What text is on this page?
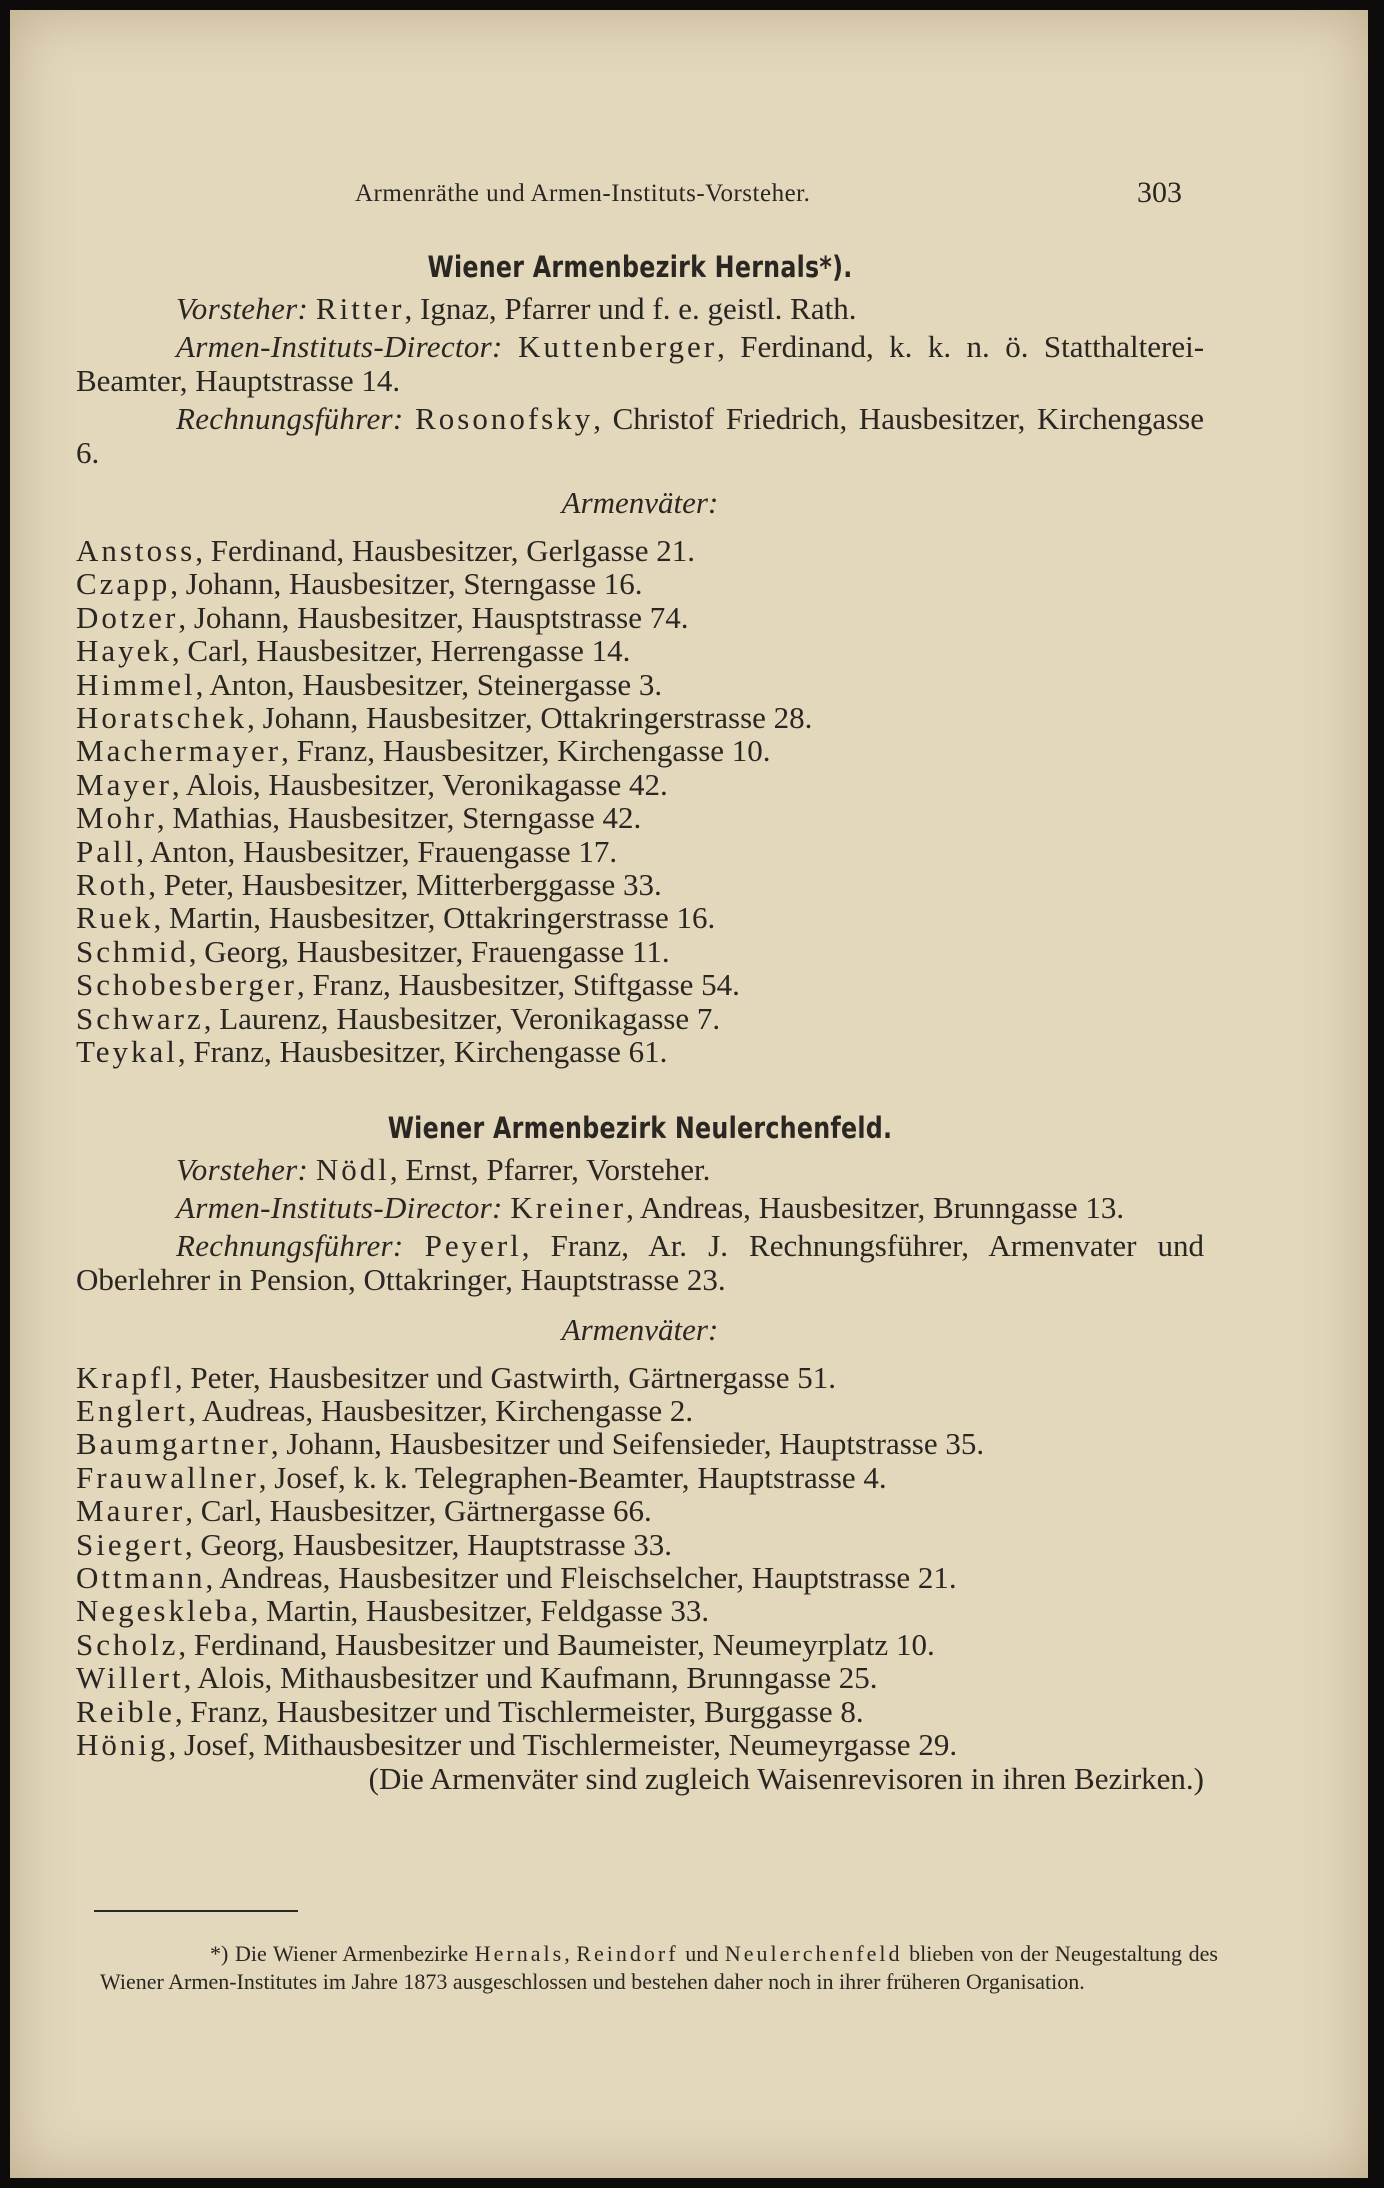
Armenräthe und Armen-Instituts-Vorsteher.	303
Wiener Armenbezirk Hernals*).

Vorsteher: Ritter, Ignaz, Pfarrer und f. e. geistl. Rath.

Armen-Instituts-Director: Kuttenberger, Ferdinand, k. k. n. ö. Statthalterei-Beamter, Hauptstrasse 14.

Rechnungsführer: Rosonofsky, Christof Friedrich, Hausbesitzer, Kirchengasse 6.

Armenväter:

Anstoss, Ferdinand, Hausbesitzer, Gerlgasse 21.

Czapp, Johann, Hausbesitzer, Sterngasse 16.

Dotzer, Johann, Hausbesitzer, Hausptstrasse 74.

Hayek, Carl, Hausbesitzer, Herrengasse 14.

Himmel, Anton, Hausbesitzer, Steinergasse 3.

Horatschek, Johann, Hausbesitzer, Ottakringerstrasse 28.

Machermayer, Franz, Hausbesitzer, Kirchengasse 10.

Mayer, Alois, Hausbesitzer, Veronikagasse 42.

Mohr, Mathias, Hausbesitzer, Sterngasse 42.

Pall, Anton, Hausbesitzer, Frauengasse 17.

Roth, Peter, Hausbesitzer, Mitterberggasse 33.

Ruek, Martin, Hausbesitzer, Ottakringerstrasse 16.

Schmid, Georg, Hausbesitzer, Frauengasse 11.

Schobesberger, Franz, Hausbesitzer, Stiftgasse 54.

Schwarz, Laurenz, Hausbesitzer, Veronikagasse 7.

Teykal, Franz, Hausbesitzer, Kirchengasse 61.

Wiener Armenbezirk Neulerchenfeld.

Vorsteher: Nödl, Ernst, Pfarrer, Vorsteher.

Armen-Instituts-Director: Kreiner, Andreas, Hausbesitzer, Brunngasse 13.

Rechnungsführer: Peyerl, Franz, Ar. J. Rechnungsführer, Armenvater und Oberlehrer in Pension, Ottakringer, Hauptstrasse 23.

Armenväter:

Krapfl, Peter, Hausbesitzer und Gastwirth, Gärtnergasse 51.

Englert, Audreas, Hausbesitzer, Kirchengasse 2.

Baumgartner, Johann, Hausbesitzer und Seifensieder, Hauptstrasse 35.

Frauwallner, Josef, k. k. Telegraphen-Beamter, Hauptstrasse 4.

Maurer, Carl, Hausbesitzer, Gärtnergasse 66.

Siegert, Georg, Hausbesitzer, Hauptstrasse 33.

Ottmann, Andreas, Hausbesitzer und Fleischselcher, Hauptstrasse 21.

Negeskleba, Martin, Hausbesitzer, Feldgasse 33.

Scholz, Ferdinand, Hausbesitzer und Baumeister, Neumeyrplatz 10.

Willert, Alois, Mithausbesitzer und Kaufmann, Brunngasse 25.

Reible, Franz, Hausbesitzer und Tischlermeister, Burggasse 8.

Hönig, Josef, Mithausbesitzer und Tischlermeister, Neumeyrgasse 29.

(Die Armenväter sind zugleich Waisenrevisoren in ihren Bezirken.)

*) Die Wiener Armenbezirke Hernals, Reindorf und Neulerchenfeld blieben von der Neugestaltung des Wiener Armen-Institutes im Jahre 1873 ausgeschlossen und bestehen daher noch in ihrer früheren Organisation.
